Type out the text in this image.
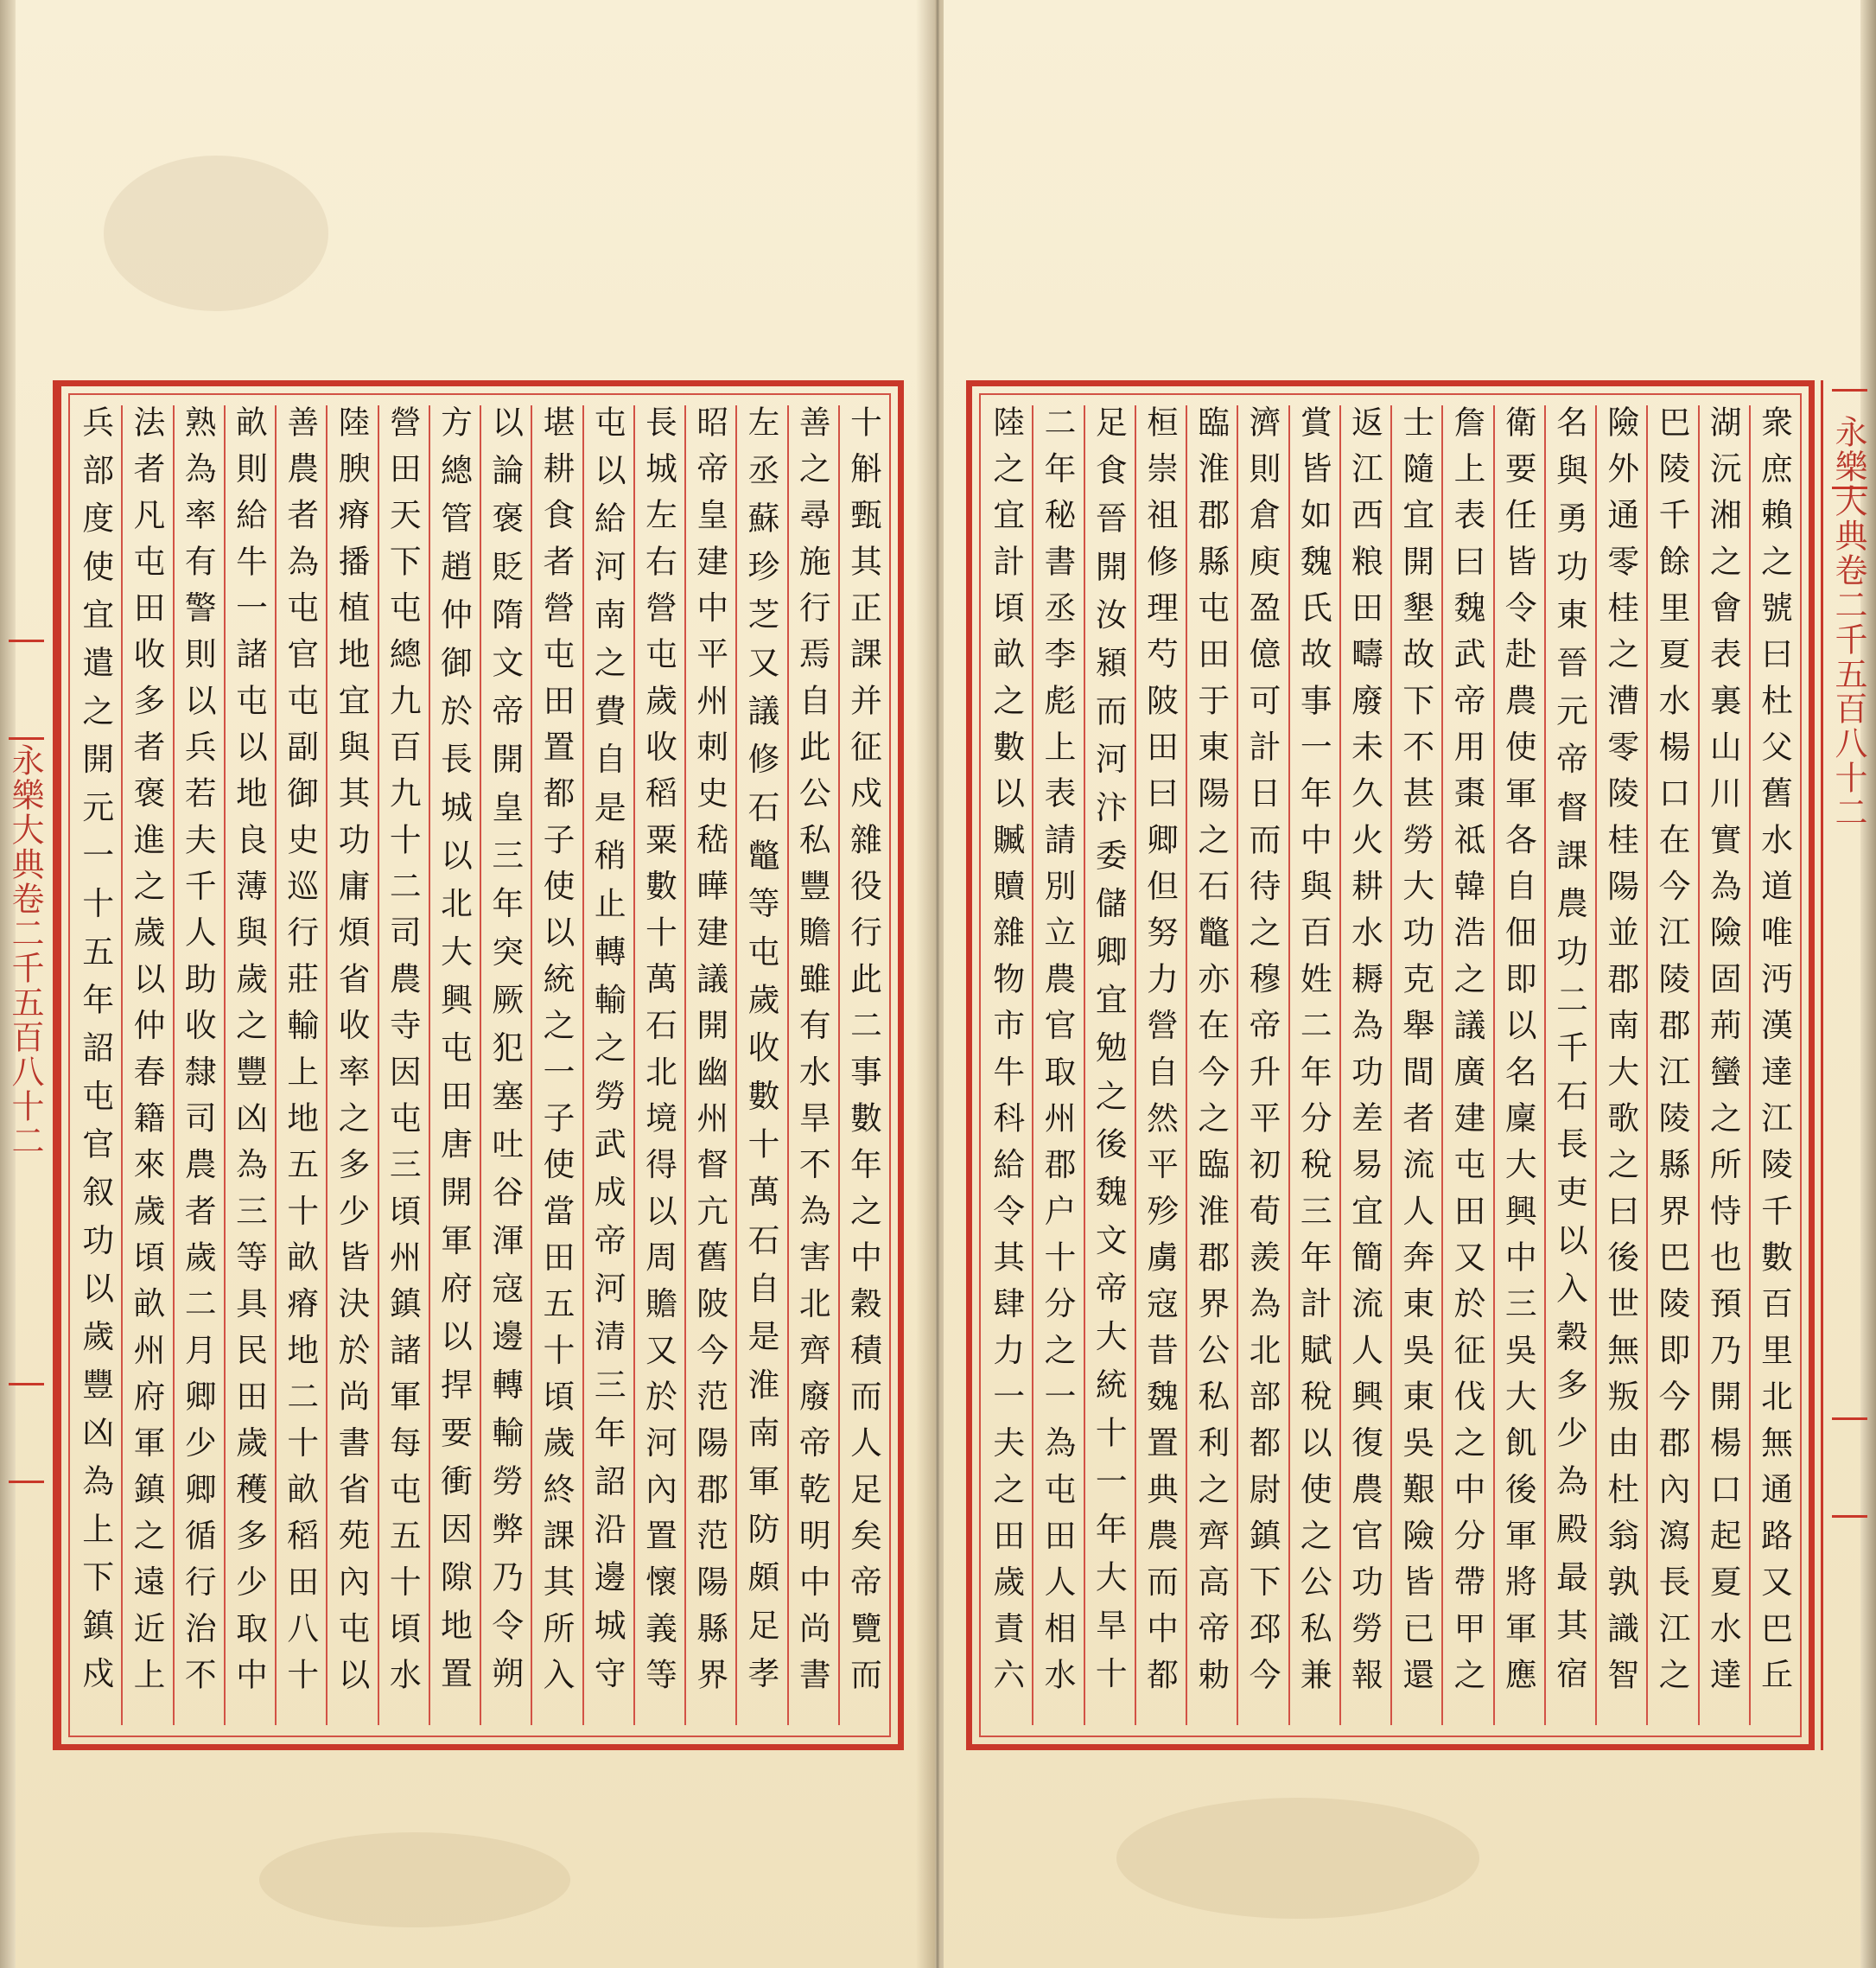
永樂大典卷二千五百八十二	十斛甄其正課并征戍雜役行此二事數年之中穀積而人足矣帝覽而
善之尋施行焉自此公私豐贍雖有水旱不為害北齊廢帝乾明中尚書
左丞蘇珍芝又議修石鼈等屯歲收數十萬石自是淮南軍防頗足孝
昭帝皇建中平州刺史嵇曄建議開幽州督亢舊陂今范陽郡范陽縣界
長城左右營屯歲收稻粟數十萬石北境得以周贍又於河內置懷義等
屯以給河南之費自是稍止轉輸之勞武成帝河清三年詔沿邊城守
堪耕食者營屯田置都子使以統之一子使當田五十頃歲終課其所入
以論褒貶隋文帝開皇三年突厥犯塞吐谷渾寇邊轉輸勞弊乃令朔
方總管趙仲御於長城以北大興屯田唐開軍府以捍要衝因隙地置
營田天下屯總九百九十二司農寺因屯三頃州鎮諸軍每屯五十頃水
陸腴瘠播植地宜與其功庸煩省收率之多少皆決於尚書省苑內屯以
善農者為屯官屯副御史巡行莊輸上地五十畝瘠地二十畝稻田八十
畝則給牛一諸屯以地良薄與歲之豐凶為三等具民田歲穫多少取中
熟為率有警則以兵若夫千人助收隸司農者歲二月卿少卿循行治不
法者凡屯田收多者褒進之歲以仲春籍來歲頃畝州府軍鎮之遠近上
兵部度使宜遣之開元一十五年詔屯官叙功以歲豐凶為上下鎮戍	永樂大典卷二千五百八十二
衆庶賴之號曰杜父舊水道唯沔漢達江陵千數百里北無通路又巴丘
湖沅湘之會表裏山川實為險固荊蠻之所恃也預乃開楊口起夏水達
巴陵千餘里夏水楊口在今江陵郡江陵縣界巴陵即今郡內瀉長江之
險外通零桂之漕零陵桂陽並郡南大歌之曰後世無叛由杜翁孰識智
名與勇功東晉元帝督課農功二千石長吏以入穀多少為殿最其宿
衛要任皆令赴農使軍各自佃即以名廩大興中三吳大飢後軍將軍應
詹上表曰魏武帝用棗祗韓浩之議廣建屯田又於征伐之中分帶甲之
士隨宜開墾故下不甚勞大功克舉間者流人奔東吳東吳艱險皆已還
返江西粮田疇廢未久火耕水耨為功差易宜簡流人興復農官功勞報
賞皆如魏氏故事一年中與百姓二年分稅三年計賦稅以使之公私兼
濟則倉庾盈億可計日而待之穆帝升平初荀羨為北部都尉鎮下邳今
臨淮郡縣屯田于東陽之石鼈亦在今之臨淮郡界公私利之齊高帝勅
桓崇祖修理芍陂田曰卿但努力營自然平殄虜寇昔魏置典農而中都
足食晉開汝潁而河汴委儲卿宜勉之後魏文帝大統十一年大旱十
二年秘書丞李彪上表請別立農官取州郡户十分之一為屯田人相水
陸之宜計頃畝之數以贓贖雜物市牛科給令其肆力一夫之田歲責六
